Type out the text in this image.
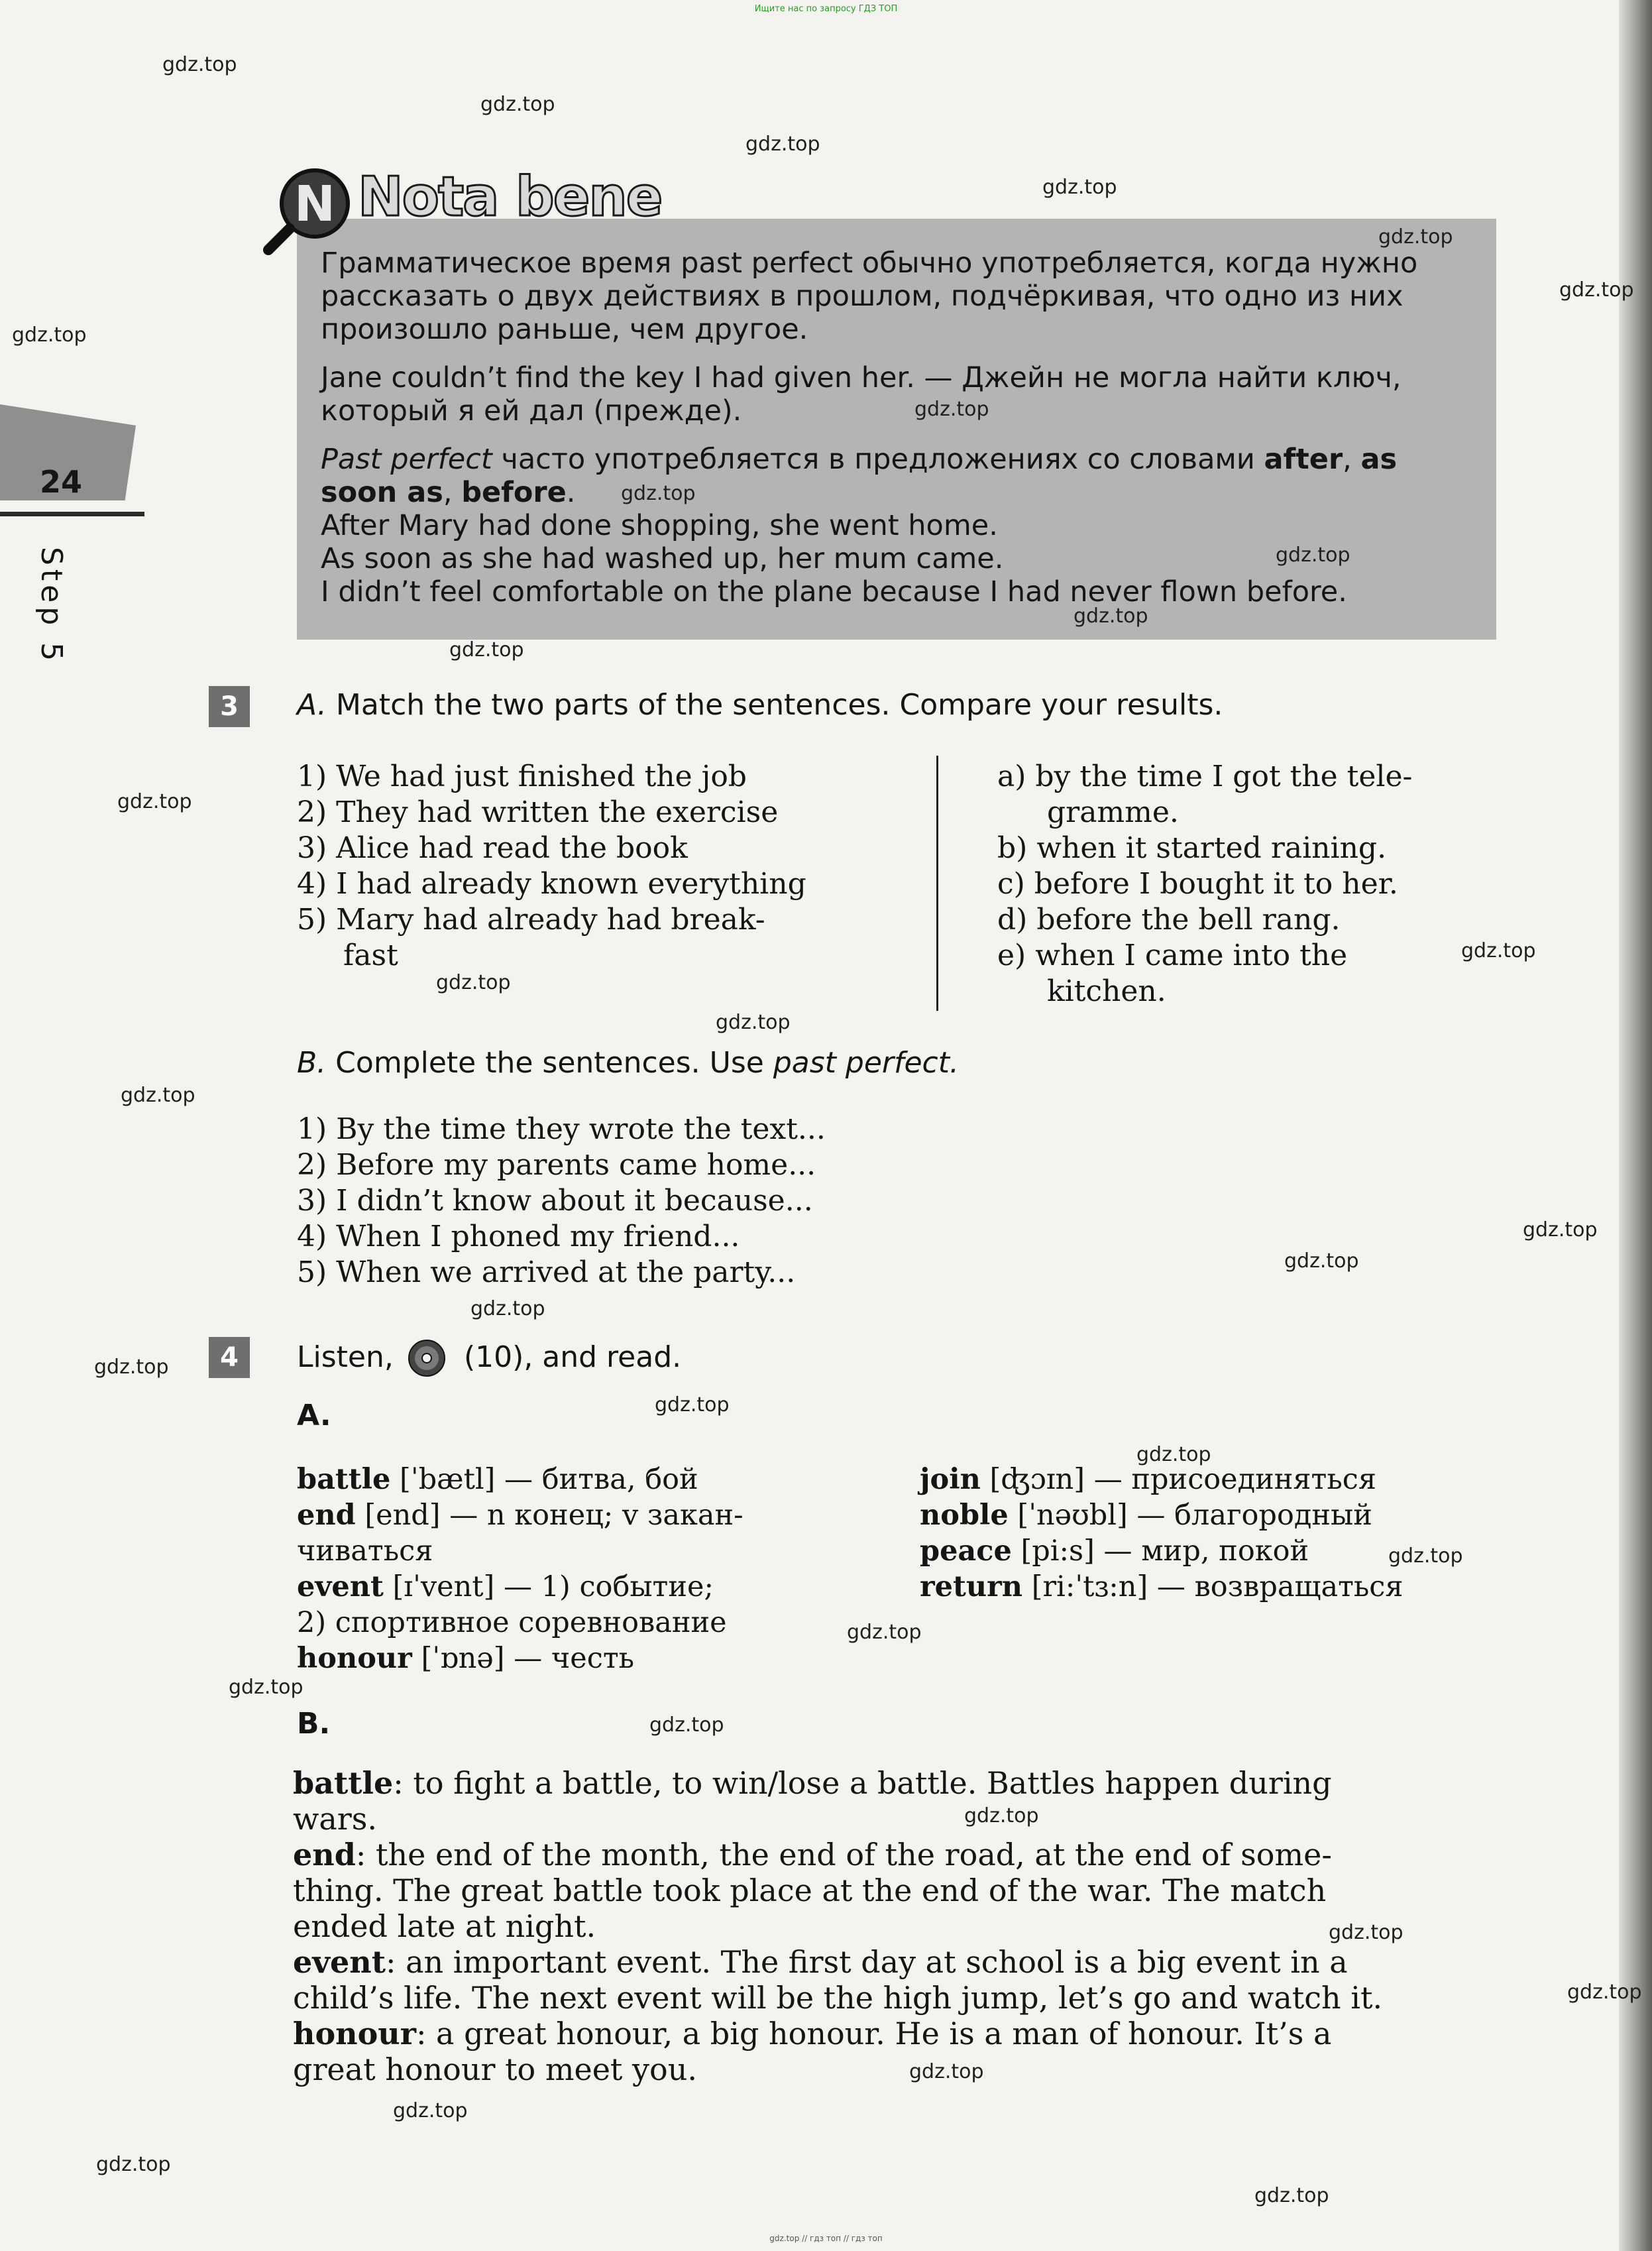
Ищите нас по запросу ГДЗ ТОП
24
Step 5
N Nota bene
Грамматическое время past perfect обычно употребляется, когда нужно рассказать о двух действиях в прошлом, подчёркивая, что одно из них произошло раньше, чем другое.
Jane couldn’t find the key I had given her. — Джейн не могла найти ключ, который я ей дал (прежде).
Past perfect часто употребляется в предложениях со словами after, as soon as, before.
After Mary had done shopping, she went home.
As soon as she had washed up, her mum came.
I didn’t feel comfortable on the plane because I had never flown before.
3	A. Match the two parts of the sentences. Compare your results.
1) We had just finished the job
2) They had written the exercise
3) Alice had read the book
4) I had already known everything
5) Mary had already had break-
fast
a) by the time I got the tele-
gramme.
b) when it started raining.
c) before I bought it to her.
d) before the bell rang.
e) when I came into the
kitchen.
B. Complete the sentences. Use past perfect.
1) By the time they wrote the text...
2) Before my parents came home...
3) I didn’t know about it because...
4) When I phoned my friend...
5) When we arrived at the party...
4	Listen, (10), and read.
A.
battle [ˈbætl] — битва, бой
end [end] — n конец; v закан-
чиваться
event [ɪˈvent] — 1) событие;
2) спортивное соревнование
honour [ˈɒnə] — честь
join [ʤɔɪn] — присоединяться
noble [ˈnəʊbl] — благородный
peace [pi:s] — мир, покой
return [ri:ˈtɜ:n] — возвращаться
B.
battle: to fight a battle, to win/lose a battle. Battles happen during
wars.
end: the end of the month, the end of the road, at the end of some-
thing. The great battle took place at the end of the war. The match
ended late at night.
event: an important event. The first day at school is a big event in a
child’s life. The next event will be the high jump, let’s go and watch it.
honour: a great honour, a big honour. He is a man of honour. It’s a
great honour to meet you.
gdz.top
gdz.top
gdz.top
gdz.top
gdz.top
gdz.top
gdz.top
gdz.top
gdz.top
gdz.top
gdz.top
gdz.top
gdz.top
gdz.top
gdz.top
gdz.top
gdz.top
gdz.top
gdz.top
gdz.top
gdz.top
gdz.top
gdz.top
gdz.top
gdz.top
gdz.top
gdz.top
gdz.top
gdz.top
gdz.top
gdz.top
gdz.top
gdz.top
gdz.top
gdz.top // гдз топ // гдз топ
